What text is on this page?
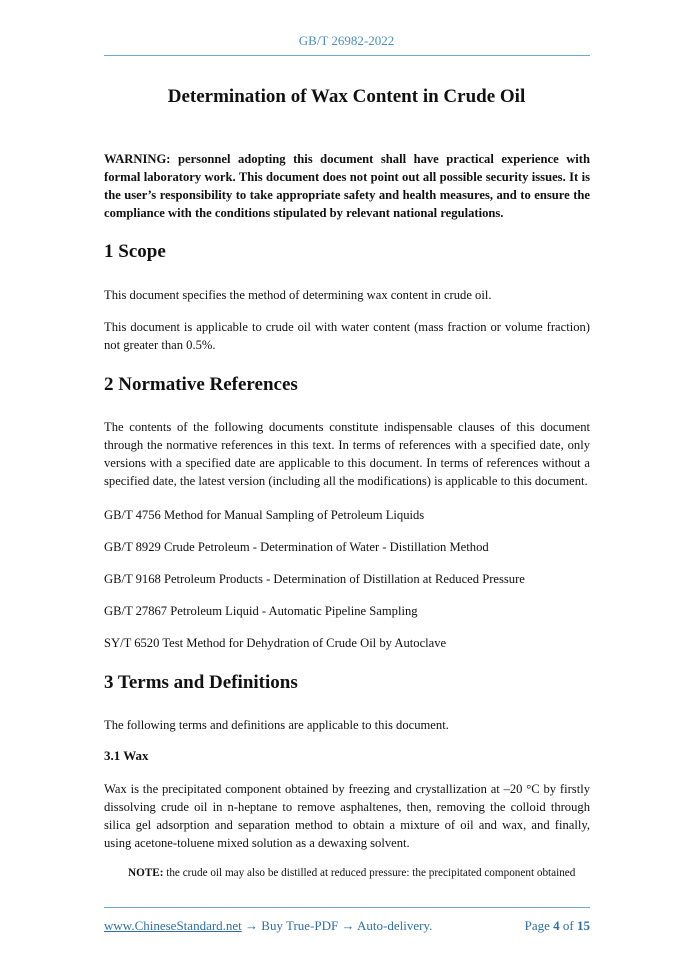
GB/T 26982-2022
Determination of Wax Content in Crude Oil

WARNING: personnel adopting this document shall have practical experience with formal laboratory work. This document does not point out all possible security issues. It is the user’s responsibility to take appropriate safety and health measures, and to ensure the compliance with the conditions stipulated by relevant national regulations.

1 Scope

This document specifies the method of determining wax content in crude oil.

This document is applicable to crude oil with water content (mass fraction or volume fraction) not greater than 0.5%.

2 Normative References

The contents of the following documents constitute indispensable clauses of this document through the normative references in this text. In terms of references with a specified date, only versions with a specified date are applicable to this document. In terms of references without a specified date, the latest version (including all the modifications) is applicable to this document.

GB/T 4756 Method for Manual Sampling of Petroleum Liquids

GB/T 8929 Crude Petroleum - Determination of Water - Distillation Method

GB/T 9168 Petroleum Products - Determination of Distillation at Reduced Pressure

GB/T 27867 Petroleum Liquid - Automatic Pipeline Sampling

SY/T 6520 Test Method for Dehydration of Crude Oil by Autoclave

3 Terms and Definitions

The following terms and definitions are applicable to this document.

3.1 Wax

Wax is the precipitated component obtained by freezing and crystallization at –20 °C by firstly dissolving crude oil in n-heptane to remove asphaltenes, then, removing the colloid through silica gel adsorption and separation method to obtain a mixture of oil and wax, and finally, using acetone-toluene mixed solution as a dewaxing solvent.

NOTE: the crude oil may also be distilled at reduced pressure: the precipitated component obtained

www.ChineseStandard.net → Buy True-PDF → Auto-delivery.	Page 4 of 15
